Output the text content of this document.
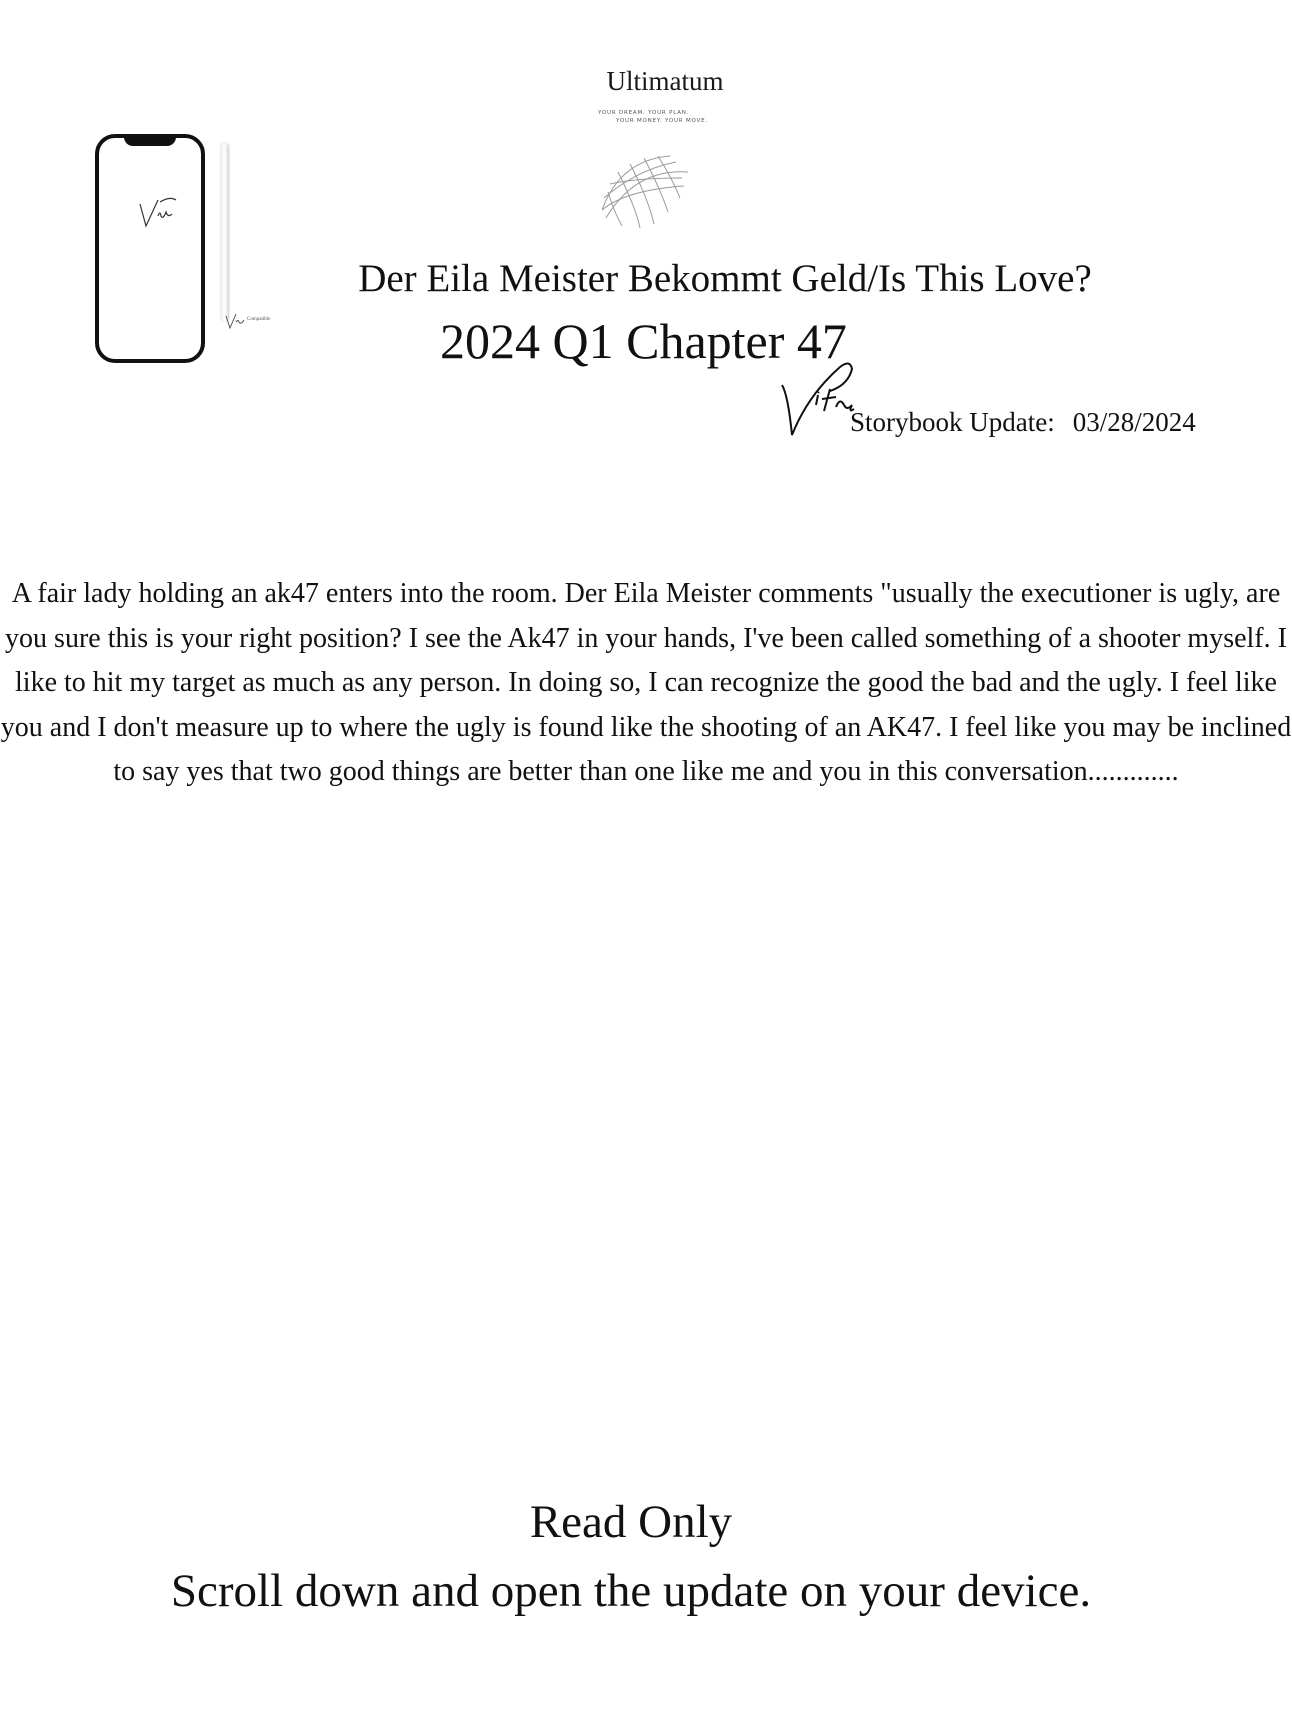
Ultimatum
YOUR DREAM. YOUR PLAN.
YOUR MONEY. YOUR MOVE.
Compatible
Der Eila Meister Bekommt Geld/Is This Love?
2024 Q1 Chapter 47
Storybook Update: 03/28/2024
A fair lady holding an ak47 enters into the room. Der Eila Meister comments "usually the executioner is ugly, are you sure this is your right position? I see the Ak47 in your hands, I've been called something of a shooter myself. I like to hit my target as much as any person. In doing so, I can recognize the good the bad and the ugly. I feel like you and I don't measure up to where the ugly is found like the shooting of an AK47. I feel like you may be inclined to say yes that two good things are better than one like me and you in this conversation.............
Read Only
Scroll down and open the update on your device.
